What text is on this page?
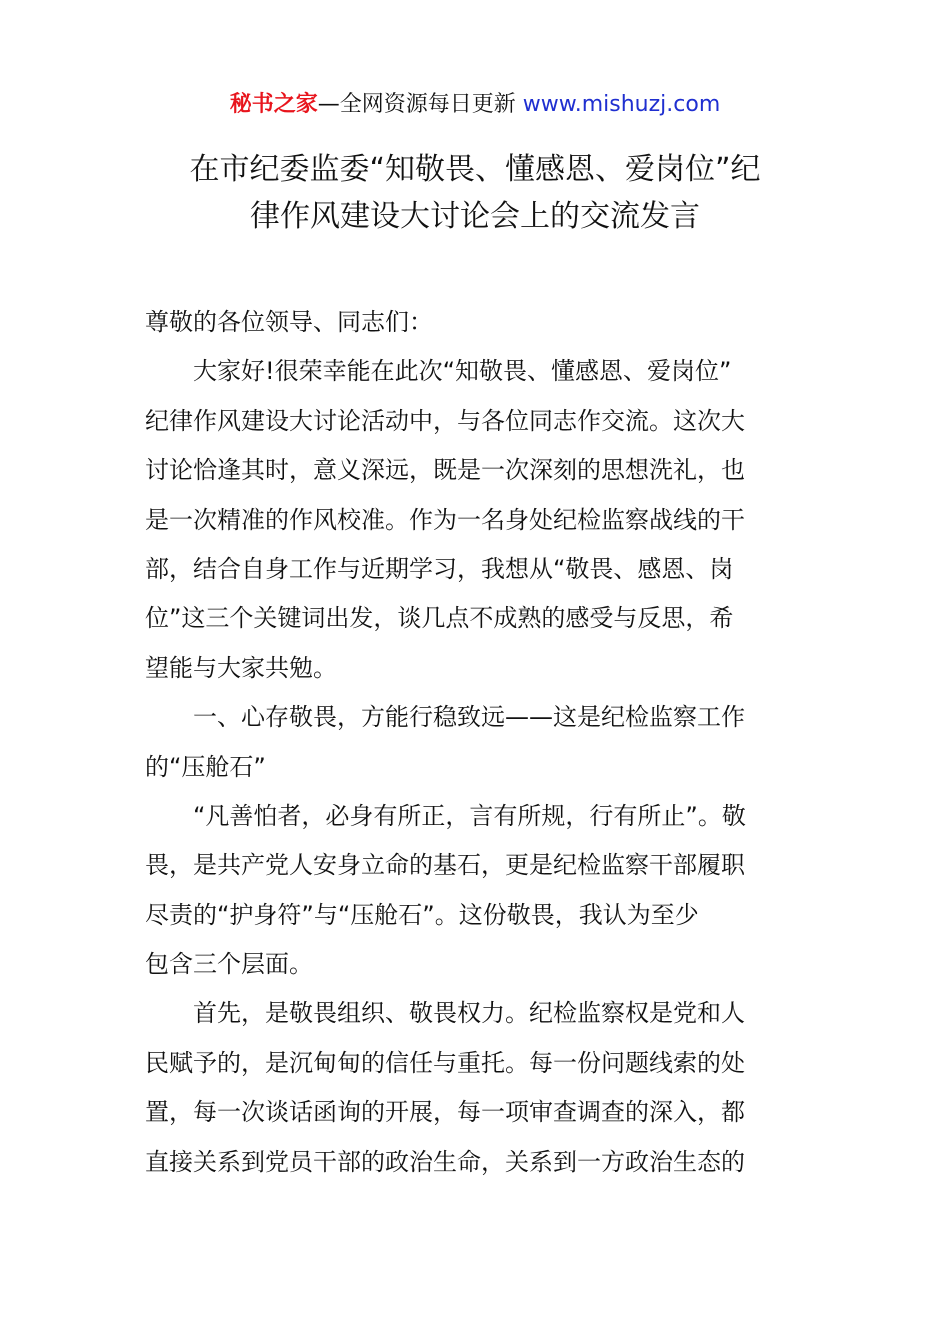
秘书之家—全网资源每日更新 www.mishuzj.com
在市纪委监委“知敬畏、懂感恩、爱岗位”纪
律作风建设大讨论会上的交流发言
尊敬的各位领导、同志们：
大家好!很荣幸能在此次“知敬畏、懂感恩、爱岗位”
纪律作风建设大讨论活动中，与各位同志作交流。这次大
讨论恰逢其时，意义深远，既是一次深刻的思想洗礼，也
是一次精准的作风校准。作为一名身处纪检监察战线的干
部，结合自身工作与近期学习，我想从“敬畏、感恩、岗
位”这三个关键词出发，谈几点不成熟的感受与反思，希
望能与大家共勉。
一、心存敬畏，方能行稳致远——这是纪检监察工作
的“压舱石”
“凡善怕者，必身有所正，言有所规，行有所止”。敬
畏，是共产党人安身立命的基石，更是纪检监察干部履职
尽责的“护身符”与“压舱石”。这份敬畏，我认为至少
包含三个层面。
首先，是敬畏组织、敬畏权力。纪检监察权是党和人
民赋予的，是沉甸甸的信任与重托。每一份问题线索的处
置，每一次谈话函询的开展，每一项审查调查的深入，都
直接关系到党员干部的政治生命，关系到一方政治生态的
